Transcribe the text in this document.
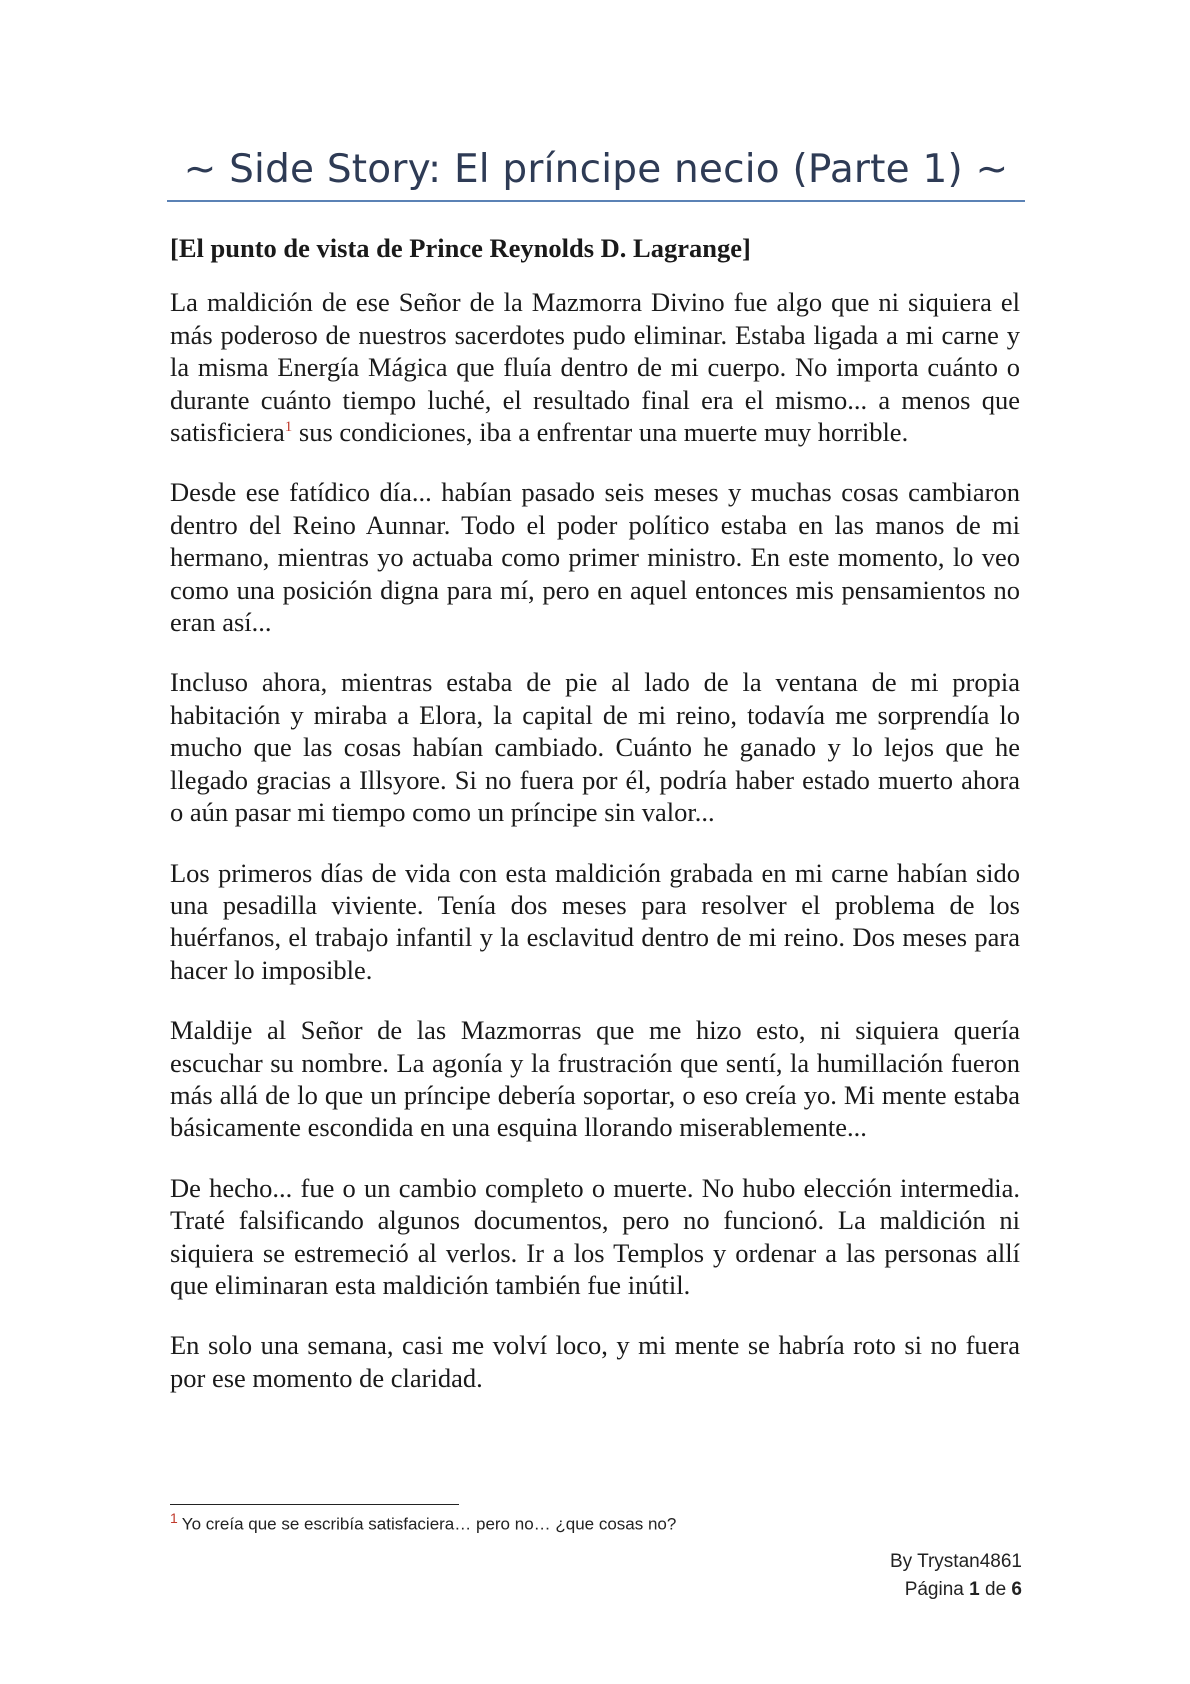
~ Side Story: El príncipe necio (Parte 1) ~

[El punto de vista de Prince Reynolds D. Lagrange]

La maldición de ese Señor de la Mazmorra Divino fue algo que ni siquiera el más poderoso de nuestros sacerdotes pudo eliminar. Estaba ligada a mi carne y la misma Energía Mágica que fluía dentro de mi cuerpo. No importa cuánto o durante cuánto tiempo luché, el resultado final era el mismo... a menos que satisficiera$^1$ sus condiciones, iba a enfrentar una muerte muy horrible.

Desde ese fatídico día... habían pasado seis meses y muchas cosas cambiaron dentro del Reino Aunnar. Todo el poder político estaba en las manos de mi hermano, mientras yo actuaba como primer ministro. En este momento, lo veo como una posición digna para mí, pero en aquel entonces mis pensamientos no eran así...

Incluso ahora, mientras estaba de pie al lado de la ventana de mi propia habitación y miraba a Elora, la capital de mi reino, todavía me sorprendía lo mucho que las cosas habían cambiado. Cuánto he ganado y lo lejos que he llegado gracias a Illsyore. Si no fuera por él, podría haber estado muerto ahora o aún pasar mi tiempo como un príncipe sin valor...

Los primeros días de vida con esta maldición grabada en mi carne habían sido una pesadilla viviente. Tenía dos meses para resolver el problema de los huérfanos, el trabajo infantil y la esclavitud dentro de mi reino. Dos meses para hacer lo imposible.

Maldije al Señor de las Mazmorras que me hizo esto, ni siquiera quería escuchar su nombre. La agonía y la frustración que sentí, la humillación fueron más allá de lo que un príncipe debería soportar, o eso creía yo. Mi mente estaba básicamente escondida en una esquina llorando miserablemente...

De hecho... fue o un cambio completo o muerte. No hubo elección intermedia. Traté falsificando algunos documentos, pero no funcionó. La maldición ni siquiera se estremeció al verlos. Ir a los Templos y ordenar a las personas allí que eliminaran esta maldición también fue inútil.

En solo una semana, casi me volví loco, y mi mente se habría roto si no fuera por ese momento de claridad.

$^1$ Yo creía que se escribía satisfaciera… pero no… ¿que cosas no?
By Trystan4861
Página 1 de 6
